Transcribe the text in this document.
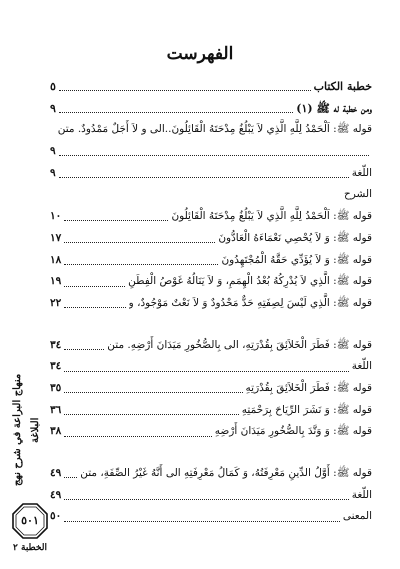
الفهرست
خطبة الكتاب
٥
ومن خطبة له ﷺ (١)
٩
قوله ﷺ: اَلْحَمْدُ لِلَّهِ الَّذِي لاَ يَبْلُغُ مِدْحَتَهُ الْقَائِلُونَ..الى و لاَ أَجَلٌ مَمْدُودٌ. متن
٩
اللّغة
٩
الشرح
قوله ﷺ: اَلْحَمْدُ لِلَّهِ الَّذِي لاَ يَبْلُغُ مِدْحَتَهُ الْقَائِلُونَ
١٠
قوله ﷺ: وَ لاَ يُحْصِي نَعْمَاءَهُ الْعَادُّونَ
١٧
قوله ﷺ: وَ لاَ يُؤَدِّي حَقَّهُ الْمُجْتَهِدُونَ
١٨
قوله ﷺ: الَّذِي لاَ يُدْرِكُهُ بُعْدُ الْهِمَمِ، وَ لاَ يَنَالُهُ غَوْصُ الْفِطَنِ
١٩
قوله ﷺ: الَّذِي لَيْسَ لِصِفَتِهِ حَدٌّ مَحْدُودٌ وَ لاَ نَعْتٌ مَوْجُودٌ، و
٢٢
قوله ﷺ: فَطَرَ الْخَلاَئِقَ بِقُدْرَتِهِ، الى بِالصُّخُورِ مَيَدَانَ أَرْضِهِ. متن
٣٤
اللّغة
٣٤
قوله ﷺ: فَطَرَ الْخَلاَئِقَ بِقُدْرَتِهِ
٣٥
قوله ﷺ: وَ نَشَرَ الرِّيَاحَ بِرَحْمَتِهِ
٣٦
قوله ﷺ: وَ وَتَّدَ بِالصُّخُورِ مَيَدَانَ أَرْضِهِ
٣٨
قوله ﷺ: أَوَّلُ الدِّينِ مَعْرِفَتُهُ، وَ كَمَالُ مَعْرِفَتِهِ الى أَنَّهُ غَيْرُ الصِّفَةِ، متن
٤٩
اللّغة
٤٩
المعنى
٥٠
منهاج البراعة في شرح نهج البلاغة
٥٠١
الخطبة ٢
